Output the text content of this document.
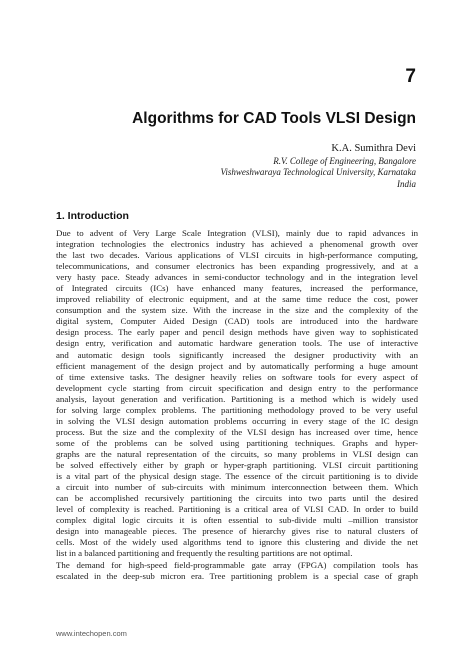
7
Algorithms for CAD Tools VLSI Design
K.A. Sumithra Devi
R.V. College of Engineering, Bangalore
Vishweshwaraya Technological University, Karnataka
India
1. Introduction
Due to advent of Very Large Scale Integration (VLSI), mainly due to rapid advances in
integration technologies the electronics industry has achieved a phenomenal growth over
the last two decades. Various applications of VLSI circuits in high-performance computing,
telecommunications, and consumer electronics has been expanding progressively, and at a
very hasty pace. Steady advances in semi-conductor technology and in the integration level
of Integrated circuits (ICs) have enhanced many features, increased the performance,
improved reliability of electronic equipment, and at the same time reduce the cost, power
consumption and the system size. With the increase in the size and the complexity of the
digital system, Computer Aided Design (CAD) tools are introduced into the hardware
design process. The early paper and pencil design methods have given way to sophisticated
design entry, verification and automatic hardware generation tools. The use of interactive
and automatic design tools significantly increased the designer productivity with an
efficient management of the design project and by automatically performing a huge amount
of time extensive tasks. The designer heavily relies on software tools for every aspect of
development cycle starting from circuit specification and design entry to the performance
analysis, layout generation and verification. Partitioning is a method which is widely used
for solving large complex problems. The partitioning methodology proved to be very useful
in solving the VLSI design automation problems occurring in every stage of the IC design
process. But the size and the complexity of the VLSI design has increased over time, hence
some of the problems can be solved using partitioning techniques. Graphs and hyper-
graphs are the natural representation of the circuits, so many problems in VLSI design can
be solved effectively either by graph or hyper-graph partitioning. VLSI circuit partitioning
is a vital part of the physical design stage. The essence of the circuit partitioning is to divide
a circuit into number of sub-circuits with minimum interconnection between them. Which
can be accomplished recursively partitioning the circuits into two parts until the desired
level of complexity is reached. Partitioning is a critical area of VLSI CAD. In order to build
complex digital logic circuits it is often essential to sub-divide multi –million transistor
design into manageable pieces. The presence of hierarchy gives rise to natural clusters of
cells. Most of the widely used algorithms tend to ignore this clustering and divide the net
list in a balanced partitioning and frequently the resulting partitions are not optimal.
The demand for high-speed field-programmable gate array (FPGA) compilation tools has
escalated in the deep-sub micron era. Tree partitioning problem is a special case of graph
www.intechopen.com
